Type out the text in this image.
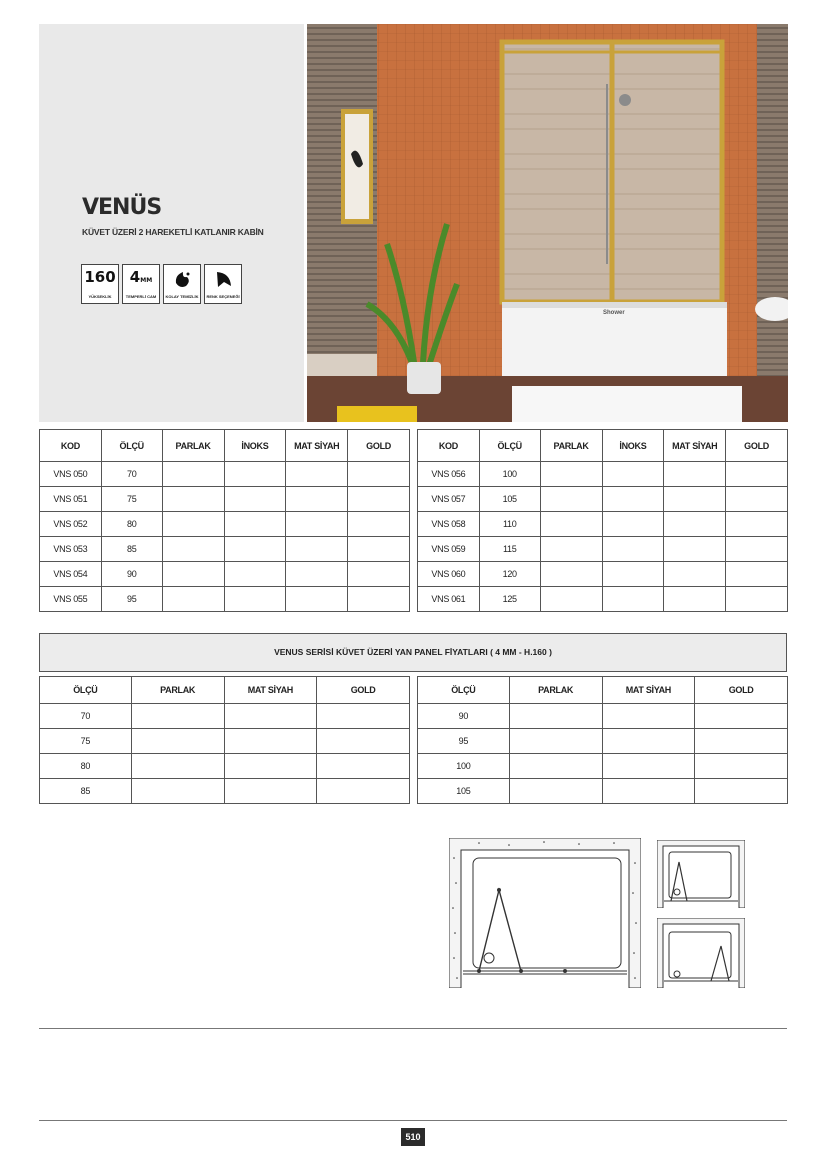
VENÜS
KÜVET ÜZERİ 2 HAREKETLİ KATLANIR KABİN
160
YÜKSEKLİK
4MM
TEMPERLİ CAM	KOLAY TEMİZLİK	RENK SEÇENEĞİ
Shower
KOD	ÖLÇÜ	PARLAK	İNOKS	MAT SİYAH	GOLD
VNS 050	70				
VNS 051	75				
VNS 052	80				
VNS 053	85				
VNS 054	90				
VNS 055	95				
KOD	ÖLÇÜ	PARLAK	İNOKS	MAT SİYAH	GOLD
VNS 056	100				
VNS 057	105				
VNS 058	110				
VNS 059	115				
VNS 060	120				
VNS 061	125				
VENUS SERİSİ KÜVET ÜZERİ YAN PANEL FİYATLARI ( 4 MM - H.160 )
ÖLÇÜ	PARLAK	MAT SİYAH	GOLD
70			
75			
80			
85			
ÖLÇÜ	PARLAK	MAT SİYAH	GOLD
90			
95			
100			
105			
510
